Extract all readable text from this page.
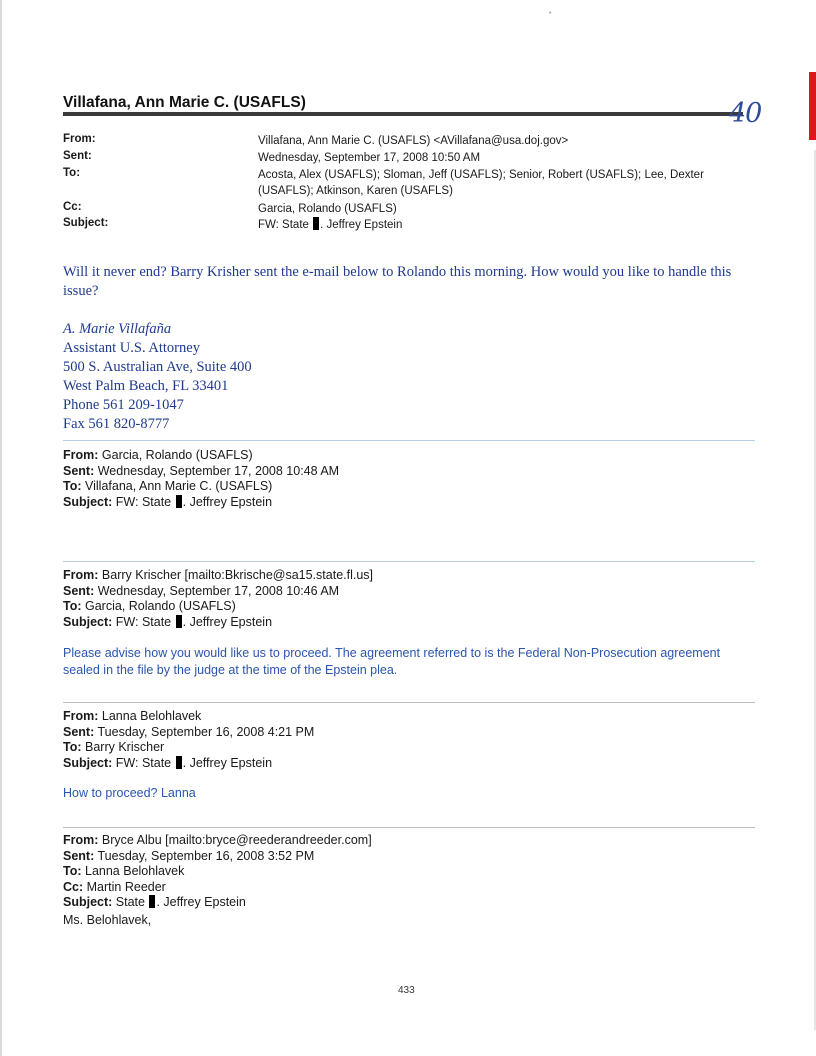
•
Villafana, Ann Marie C. (USAFLS)	40
From:	Villafana, Ann Marie C. (USAFLS) <AVillafana@usa.doj.gov>
Sent:	Wednesday, September 17, 2008 10:50 AM
To:	Acosta, Alex (USAFLS); Sloman, Jeff (USAFLS); Senior, Robert (USAFLS); Lee, Dexter (USAFLS); Atkinson, Karen (USAFLS)
Cc:	Garcia, Rolando (USAFLS)
Subject:	FW: State . Jeffrey Epstein

Will it never end? Barry Krisher sent the e-mail below to Rolando this morning. How would you like to handle this issue?

A. Marie Villafaña
Assistant U.S. Attorney
500 S. Australian Ave, Suite 400
West Palm Beach, FL 33401
Phone 561 209-1047
Fax 561 820-8777
From: Garcia, Rolando (USAFLS)
Sent: Wednesday, September 17, 2008 10:48 AM
To: Villafana, Ann Marie C. (USAFLS)
Subject: FW: State . Jeffrey Epstein
From: Barry Krischer [mailto:Bkrische@sa15.state.fl.us]
Sent: Wednesday, September 17, 2008 10:46 AM
To: Garcia, Rolando (USAFLS)
Subject: FW: State . Jeffrey Epstein

Please advise how you would like us to proceed. The agreement referred to is the Federal Non-Prosecution agreement sealed in the file by the judge at the time of the Epstein plea.

From: Lanna Belohlavek
Sent: Tuesday, September 16, 2008 4:21 PM
To: Barry Krischer
Subject: FW: State . Jeffrey Epstein

How to proceed? Lanna

From: Bryce Albu [mailto:bryce@reederandreeder.com]
Sent: Tuesday, September 16, 2008 3:52 PM
To: Lanna Belohlavek
Cc: Martin Reeder
Subject: State . Jeffrey Epstein
Ms. Belohlavek,
433
